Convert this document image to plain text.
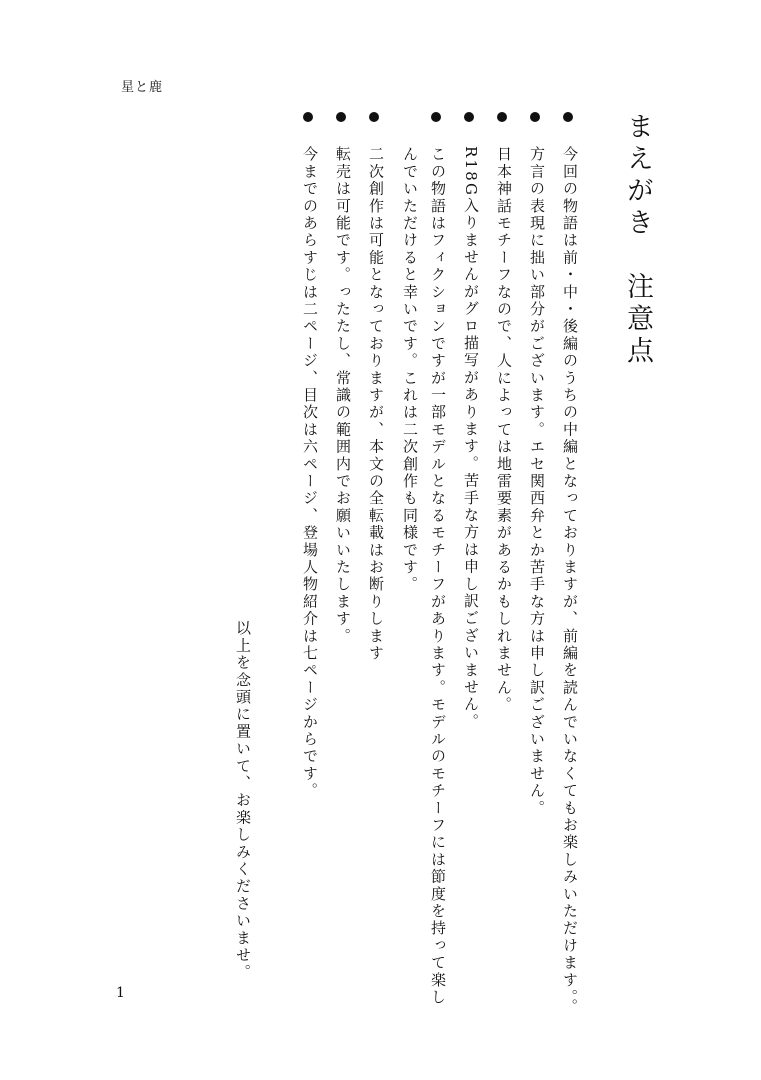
星と鹿
まえがき　注意点
今回の物語は前・中・後編のうちの中編となっておりますが、前編を読んでいなくてもお楽しみいただけます。。
方言の表現に拙い部分がございます。エセ関西弁とか苦手な方は申し訳ございません。
日本神話モチーフなので、人によっては地雷要素があるかもしれません。
R18G入りませんがグロ描写があります。苦手な方は申し訳ございません。
この物語はフィクションですが一部モデルとなるモチーフがあります。モデルのモチーフには節度を持って楽し
んでいただけると幸いです。これは二次創作も同様です。
二次創作は可能となっておりますが、本文の全転載はお断りします
転売は可能です。ったたし、常識の範囲内でお願いいたします。
今までのあらすじは二ページ、目次は六ページ、登場人物紹介は七ページからです。
以上を念頭に置いて、お楽しみくださいませ。
1
